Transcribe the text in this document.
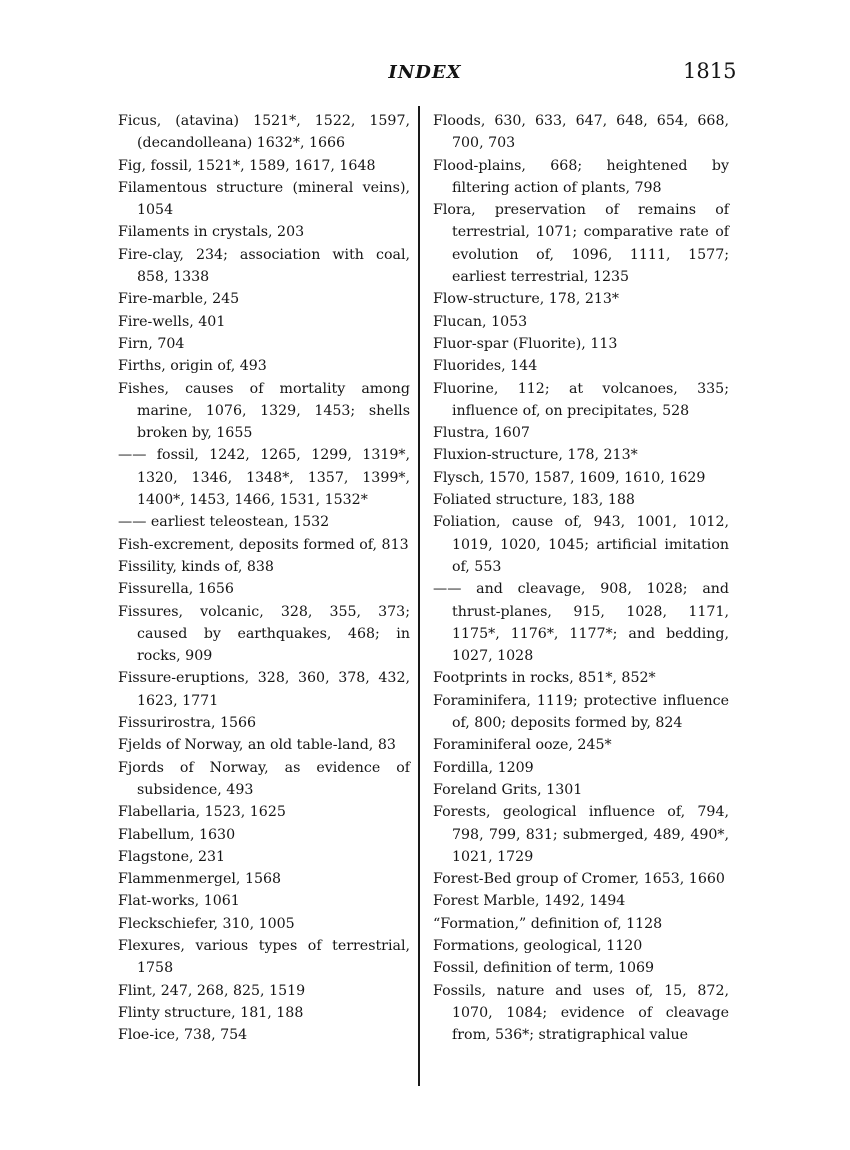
INDEX	1815
Ficus, (atavina) 1521*, 1522, 1597, (decandolleana) 1632*, 1666
Fig, fossil, 1521*, 1589, 1617, 1648
Filamentous structure (mineral veins), 1054
Filaments in crystals, 203
Fire-clay, 234; association with coal, 858, 1338
Fire-marble, 245
Fire-wells, 401
Firn, 704
Firths, origin of, 493
Fishes, causes of mortality among marine, 1076, 1329, 1453; shells broken by, 1655
—— fossil, 1242, 1265, 1299, 1319*, 1320, 1346, 1348*, 1357, 1399*, 1400*, 1453, 1466, 1531, 1532*
—— earliest teleostean, 1532
Fish-excrement, deposits formed of, 813
Fissility, kinds of, 838
Fissurella, 1656
Fissures, volcanic, 328, 355, 373; caused by earthquakes, 468; in rocks, 909
Fissure-eruptions, 328, 360, 378, 432, 1623, 1771
Fissurirostra, 1566
Fjelds of Norway, an old table-land, 83
Fjords of Norway, as evidence of subsidence, 493
Flabellaria, 1523, 1625
Flabellum, 1630
Flagstone, 231
Flammenmergel, 1568
Flat-works, 1061
Fleckschiefer, 310, 1005
Flexures, various types of terrestrial, 1758
Flint, 247, 268, 825, 1519
Flinty structure, 181, 188
Floe-ice, 738, 754
Floods, 630, 633, 647, 648, 654, 668, 700, 703
Flood-plains, 668; heightened by filtering action of plants, 798
Flora, preservation of remains of terrestrial, 1071; comparative rate of evolution of, 1096, 1111, 1577; earliest terrestrial, 1235
Flow-structure, 178, 213*
Flucan, 1053
Fluor-spar (Fluorite), 113
Fluorides, 144
Fluorine, 112; at volcanoes, 335; influence of, on precipitates, 528
Flustra, 1607
Fluxion-structure, 178, 213*
Flysch, 1570, 1587, 1609, 1610, 1629
Foliated structure, 183, 188
Foliation, cause of, 943, 1001, 1012, 1019, 1020, 1045; artificial imitation of, 553
—— and cleavage, 908, 1028; and thrust-planes, 915, 1028, 1171, 1175*, 1176*, 1177*; and bedding, 1027, 1028
Footprints in rocks, 851*, 852*
Foraminifera, 1119; protective influence of, 800; deposits formed by, 824
Foraminiferal ooze, 245*
Fordilla, 1209
Foreland Grits, 1301
Forests, geological influence of, 794, 798, 799, 831; submerged, 489, 490*, 1021, 1729
Forest-Bed group of Cromer, 1653, 1660
Forest Marble, 1492, 1494
“Formation,” definition of, 1128
Formations, geological, 1120
Fossil, definition of term, 1069
Fossils, nature and uses of, 15, 872, 1070, 1084; evidence of cleavage from, 536*; stratigraphical value
